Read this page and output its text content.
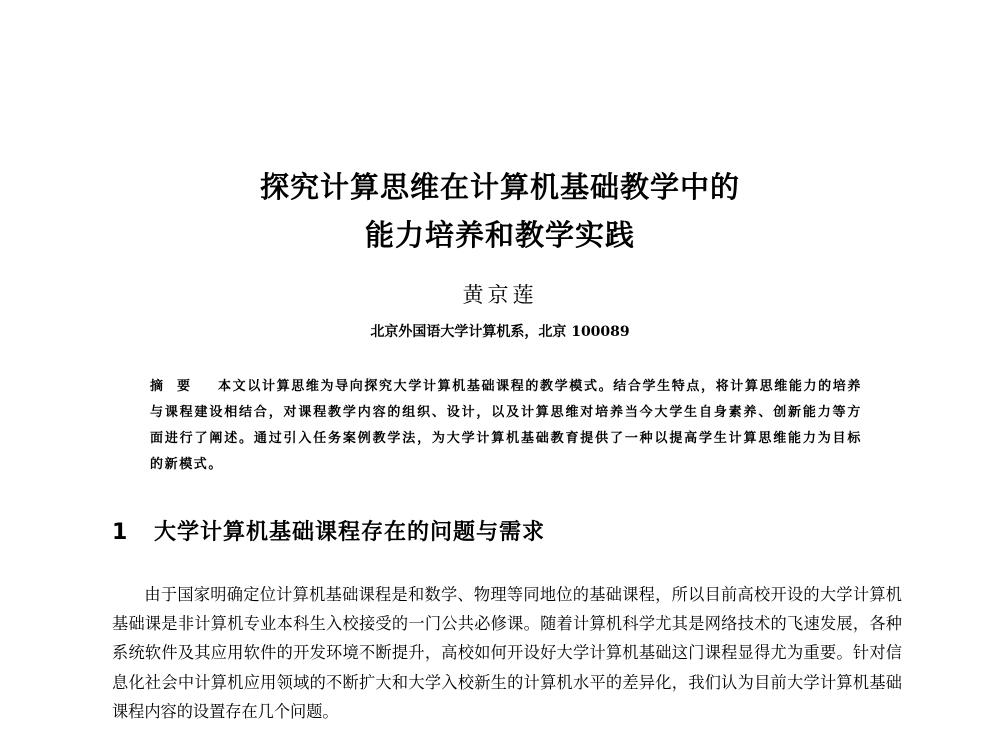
探究计算思维在计算机基础教学中的
能力培养和教学实践
黄京莲
北京外国语大学计算机系，北京 100089
摘要 本文以计算思维为导向探究大学计算机基础课程的教学模式。结合学生特点，将计算思维能力的培养与课程建设相结合，对课程教学内容的组织、设计，以及计算思维对培养当今大学生自身素养、创新能力等方面进行了阐述。通过引入任务案例教学法，为大学计算机基础教育提供了一种以提高学生计算思维能力为目标的新模式。
1 大学计算机基础课程存在的问题与需求
由于国家明确定位计算机基础课程是和数学、物理等同地位的基础课程，所以目前高校开设的大学计算机基础课是非计算机专业本科生入校接受的一门公共必修课。随着计算机科学尤其是网络技术的飞速发展，各种系统软件及其应用软件的开发环境不断提升，高校如何开设好大学计算机基础这门课程显得尤为重要。针对信息化社会中计算机应用领域的不断扩大和大学入校新生的计算机水平的差异化，我们认为目前大学计算机基础课程内容的设置存在几个问题。
